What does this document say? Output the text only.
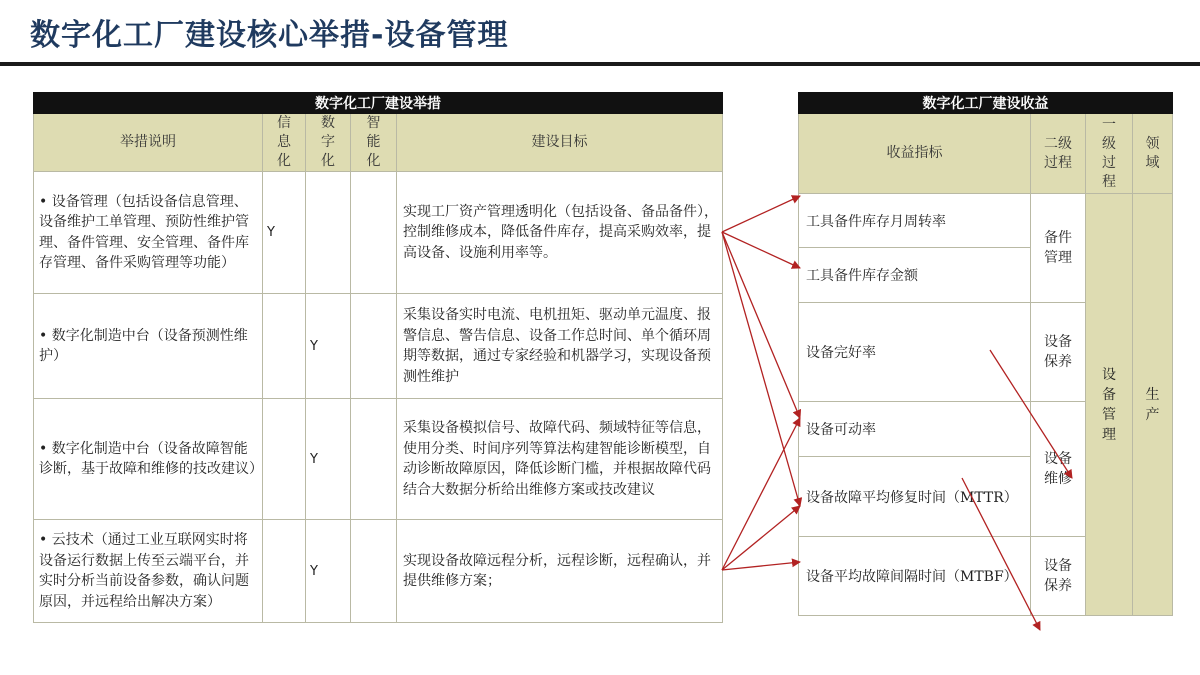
数字化工厂建设核心举措-设备管理
数字化工厂建设举措				
举措说明	信息化	数字化	智能化	建设目标
• 设备管理（包括设备信息管理、设备维护工单管理、预防性维护管理、备件管理、安全管理、备件库存管理、备件采购管理等功能）	Y			实现工厂资产管理透明化（包括设备、备品备件），控制维修成本，降低备件库存，提高采购效率，提高设备、设施利用率等。
• 数字化制造中台（设备预测性维护）		Y		采集设备实时电流、电机扭矩、驱动单元温度、报警信息、警告信息、设备工作总时间、单个循环周期等数据，通过专家经验和机器学习，实现设备预测性维护
• 数字化制造中台（设备故障智能诊断，基于故障和维修的技改建议）		Y		采集设备模拟信号、故障代码、频域特征等信息，使用分类、时间序列等算法构建智能诊断模型，自动诊断故障原因，降低诊断门槛，并根据故障代码结合大数据分析给出维修方案或技改建议
• 云技术（通过工业互联网实时将设备运行数据上传至云端平台，并实时分析当前设备参数，确认问题原因，并远程给出解决方案）		Y		实现设备故障远程分析，远程诊断，远程确认，并提供维修方案；
数字化工厂建设收益			
收益指标	二级过程	一级过程	领域
工具备件库存月周转率	备件管理	设备管理	生产
工具备件库存金额			
设备完好率	设备保养		
设备可动率	设备维修		
设备故障平均修复时间（MTTR）			
设备平均故障间隔时间（MTBF）	设备保养		
